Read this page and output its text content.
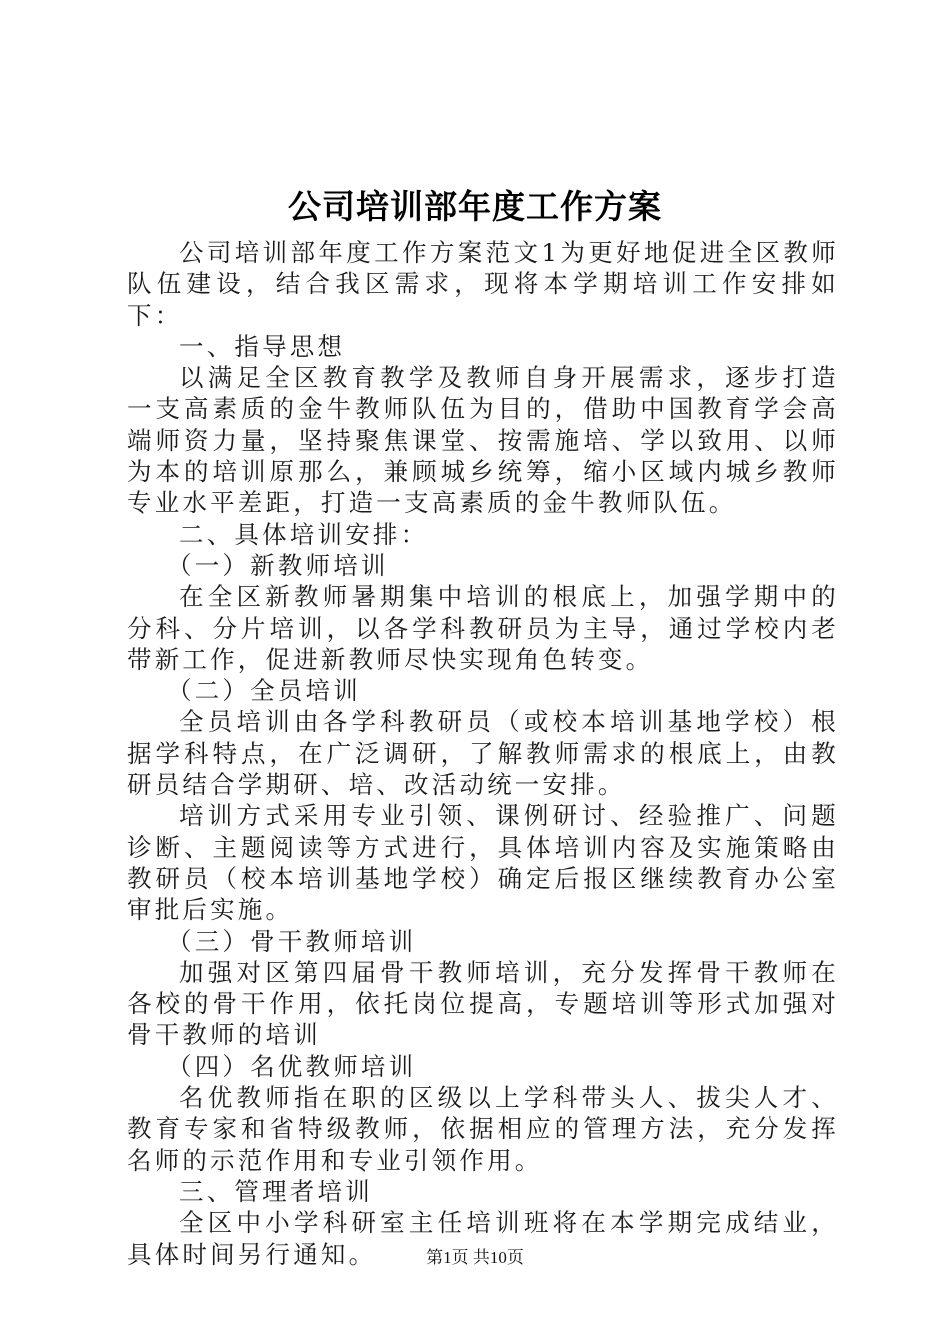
公司培训部年度工作方案

公司培训部年度工作方案范文1为更好地促进全区教师队伍建设，结合我区需求，现将本学期培训工作安排如下：

一、指导思想

以满足全区教育教学及教师自身开展需求，逐步打造一支高素质的金牛教师队伍为目的，借助中国教育学会高端师资力量，坚持聚焦课堂、按需施培、学以致用、以师为本的培训原那么，兼顾城乡统筹，缩小区域内城乡教师专业水平差距，打造一支高素质的金牛教师队伍。

二、具体培训安排：

（一）新教师培训

在全区新教师暑期集中培训的根底上，加强学期中的分科、分片培训，以各学科教研员为主导，通过学校内老带新工作，促进新教师尽快实现角色转变。

（二）全员培训

全员培训由各学科教研员（或校本培训基地学校）根据学科特点，在广泛调研，了解教师需求的根底上，由教研员结合学期研、培、改活动统一安排。

培训方式采用专业引领、课例研讨、经验推广、问题诊断、主题阅读等方式进行，具体培训内容及实施策略由教研员（校本培训基地学校）确定后报区继续教育办公室审批后实施。

（三）骨干教师培训

加强对区第四届骨干教师培训，充分发挥骨干教师在各校的骨干作用，依托岗位提高，专题培训等形式加强对骨干教师的培训

（四）名优教师培训

名优教师指在职的区级以上学科带头人、拔尖人才、教育专家和省特级教师，依据相应的管理方法，充分发挥名师的示范作用和专业引领作用。

三、管理者培训

全区中小学科研室主任培训班将在本学期完成结业，具体时间另行通知。	第1页 共10页
